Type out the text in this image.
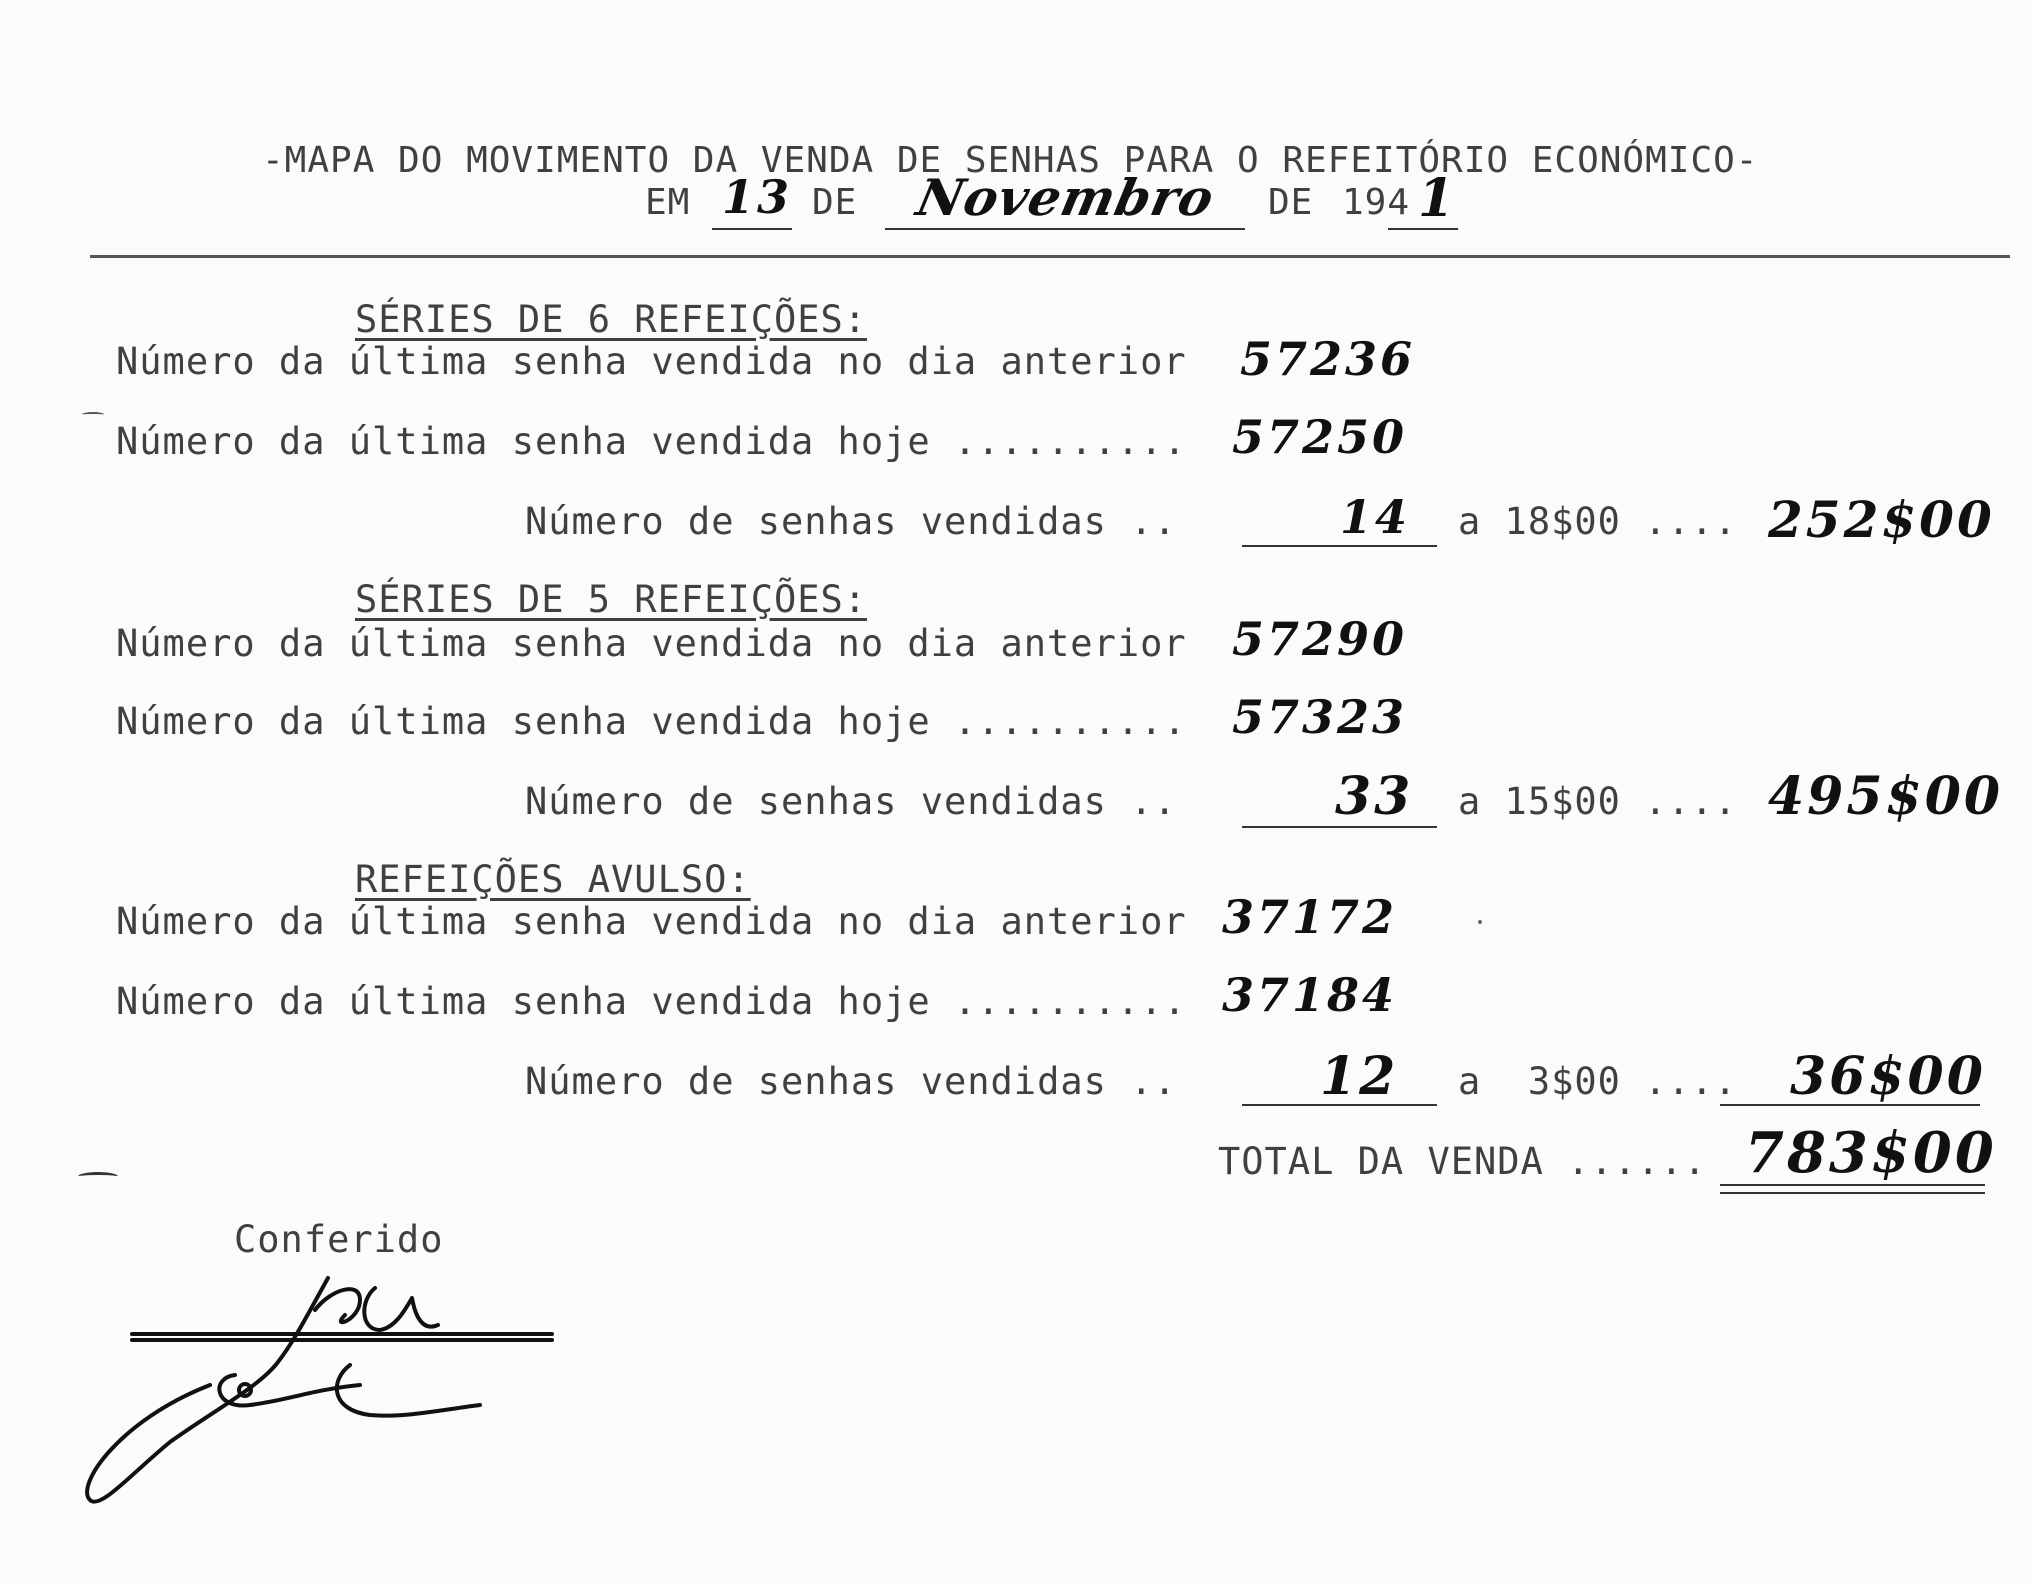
-MAPA DO MOVIMENTO DA VENDA DE SENHAS PARA O REFEITÓRIO ECONÓMICO-
EM 13 DE Novembro DE 194 1
SÉRIES DE 6 REFEIÇÕES:
Número da última senha vendida no dia anterior 57236
Número da última senha vendida hoje .......... 57250
Número de senhas vendidas ..	14 a 18$00 .... 252$00
SÉRIES DE 5 REFEIÇÕES:
Número da última senha vendida no dia anterior 57290
Número da última senha vendida hoje .......... 57323
Número de senhas vendidas ..	33 a 15$00 .... 495$00
REFEIÇÕES AVULSO:
Número da última senha vendida no dia anterior 37172
Número da última senha vendida hoje .......... 37184
Número de senhas vendidas ..	12 a  3$00 .... 36$00
TOTAL DA VENDA ...... 783$00
Conferido
